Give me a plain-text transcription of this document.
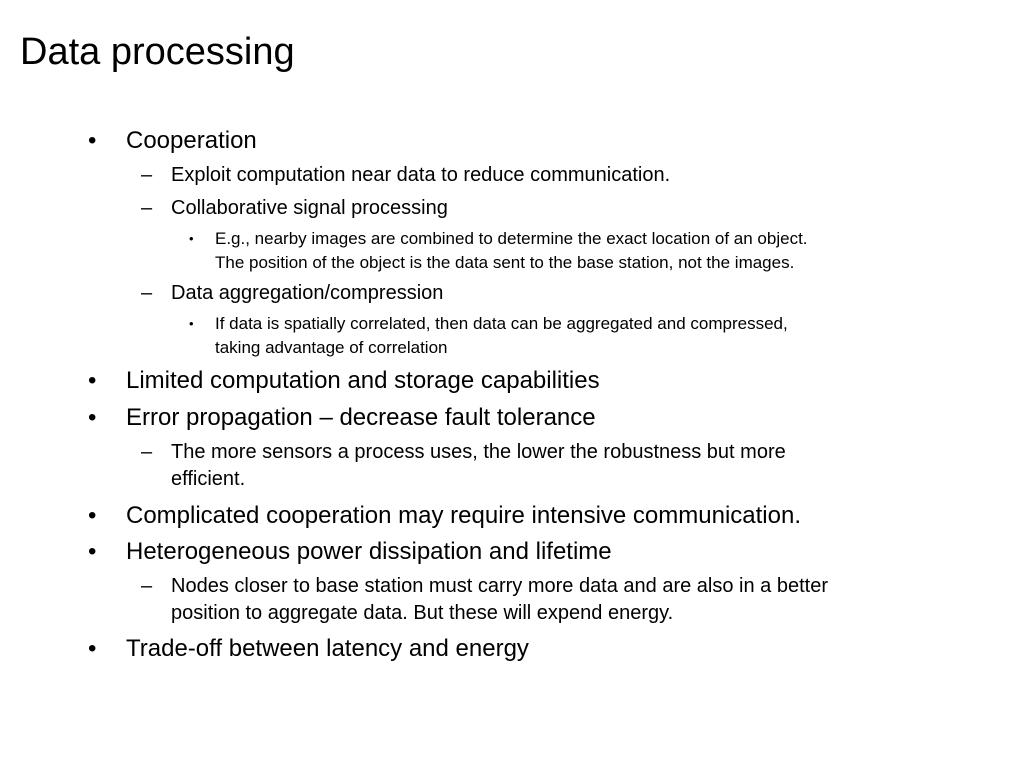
Data processing
• Cooperation
– Exploit computation near data to reduce communication.
– Collaborative signal processing
• E.g., nearby images are combined to determine the exact location of an object.
The position of the object is the data sent to the base station, not the images.
– Data aggregation/compression
• If data is spatially correlated, then data can be aggregated and compressed,
taking advantage of correlation
• Limited computation and storage capabilities
• Error propagation – decrease fault tolerance
– The more sensors a process uses, the lower the robustness but more
efficient.
• Complicated cooperation may require intensive communication.
• Heterogeneous power dissipation and lifetime
– Nodes closer to base station must carry more data and are also in a better
position to aggregate data. But these will expend energy.
• Trade-off between latency and energy
